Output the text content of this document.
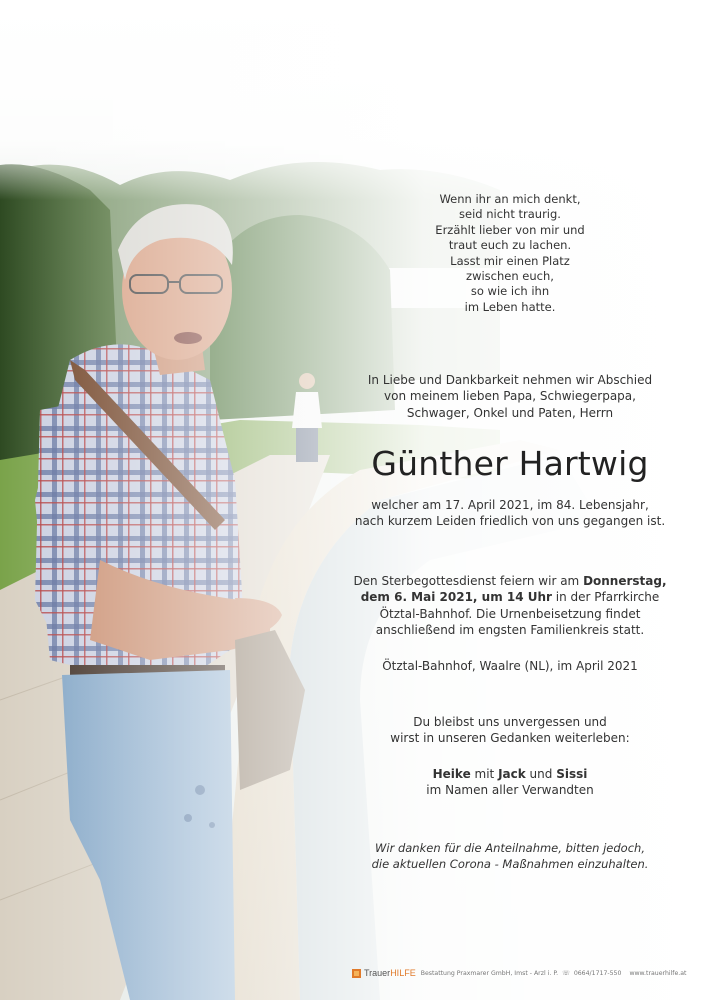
Wenn ihr an mich denkt,
seid nicht traurig.
Erzählt lieber von mir und
traut euch zu lachen.
Lasst mir einen Platz
zwischen euch,
so wie ich ihn
im Leben hatte.
In Liebe und Dankbarkeit nehmen wir Abschied
von meinem lieben Papa, Schwiegerpapa,
Schwager, Onkel und Paten, Herrn
Günther Hartwig
welcher am 17. April 2021, im 84. Lebensjahr,
nach kurzem Leiden friedlich von uns gegangen ist.
Den Sterbegottesdienst feiern wir am Donnerstag,
dem 6. Mai 2021, um 14 Uhr in der Pfarrkirche
Ötztal-Bahnhof. Die Urnenbeisetzung findet
anschließend im engsten Familienkreis statt.
Ötztal-Bahnhof, Waalre (NL), im April 2021
Du bleibst uns unvergessen und
wirst in unseren Gedanken weiterleben:
Heike mit Jack und Sissi
im Namen aller Verwandten
Wir danken für die Anteilnahme, bitten jedoch,
die aktuellen Corona - Maßnahmen einzuhalten.
Trauer HILFE Bestattung Praxmarer GmbH, Imst - Arzl i. P. ☏ 0664/1717-550 www.trauerhilfe.at
